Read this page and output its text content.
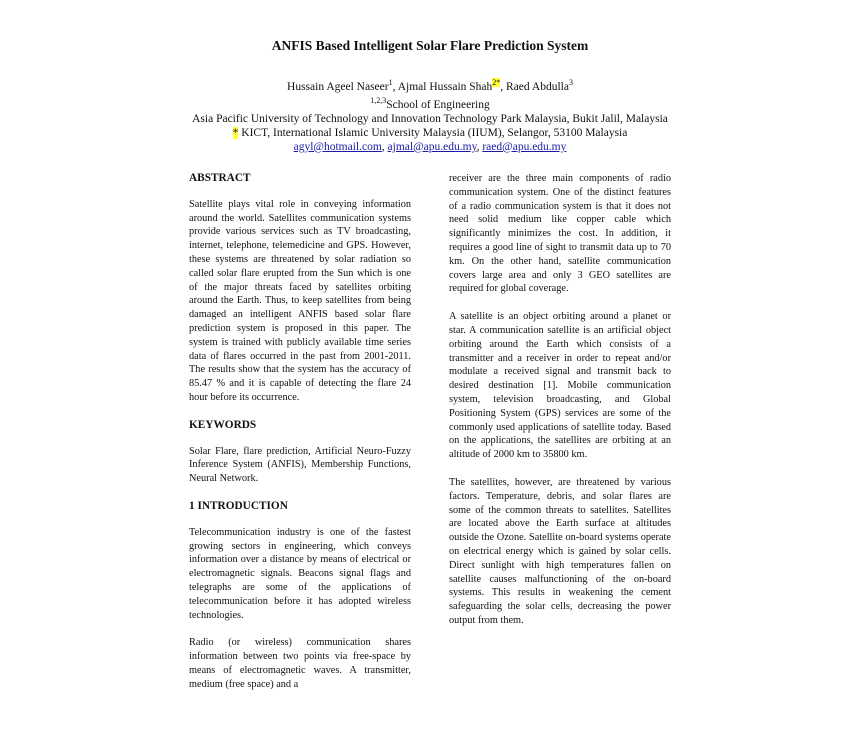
ANFIS Based Intelligent Solar Flare Prediction System
Hussain Ageel Naseer$^1$, Ajmal Hussain Shah$^{2*}$, Raed Abdulla$^3$
$^{1,2,3}$School of Engineering
Asia Pacific University of Technology and Innovation Technology Park Malaysia, Bukit Jalil, Malaysia
* KICT, International Islamic University Malaysia (IIUM), Selangor, 53100 Malaysia
agyl@hotmail.com, ajmal@apu.edu.my, raed@apu.edu.my
ABSTRACT
Satellite plays vital role in conveying information around the world. Satellites communication systems provide various services such as TV broadcasting, internet, telephone, telemedicine and GPS. However, these systems are threatened by solar radiation so called solar flare erupted from the Sun which is one of the major threats faced by satellites orbiting around the Earth. Thus, to keep satellites from being damaged an intelligent ANFIS based solar flare prediction system is proposed in this paper. The system is trained with publicly available time series data of flares occurred in the past from 2001-2011. The results show that the system has the accuracy of 85.47 % and it is capable of detecting the flare 24 hour before its occurrence.
KEYWORDS
Solar Flare, flare prediction, Artificial Neuro-Fuzzy Inference System (ANFIS), Membership Functions, Neural Network.
1 INTRODUCTION
Telecommunication industry is one of the fastest growing sectors in engineering, which conveys information over a distance by means of electrical or electromagnetic signals. Beacons signal flags and telegraphs are some of the applications of telecommunication before it has adopted wireless technologies.
Radio (or wireless) communication shares information between two points via free-space by means of electromagnetic waves. A transmitter, medium (free space) and a
receiver are the three main components of radio communication system. One of the distinct features of a radio communication system is that it does not need solid medium like copper cable which significantly minimizes the cost. In addition, it requires a good line of sight to transmit data up to 70 km. On the other hand, satellite communication covers large area and only 3 GEO satellites are required for global coverage.
A satellite is an object orbiting around a planet or star. A communication satellite is an artificial object orbiting around the Earth which consists of a transmitter and a receiver in order to repeat and/or modulate a received signal and transmit back to desired destination [1]. Mobile communication system, television broadcasting, and Global Positioning System (GPS) services are some of the commonly used applications of satellite today. Based on the applications, the satellites are orbiting at an altitude of 2000 km to 35800 km.
The satellites, however, are threatened by various factors. Temperature, debris, and solar flares are some of the common threats to satellites. Satellites are located above the Earth surface at altitudes outside the Ozone. Satellite on-board systems operate on electrical energy which is gained by solar cells. Direct sunlight with high temperatures fallen on satellite causes malfunctioning of the on-board systems. This results in weakening the cement safeguarding the solar cells, decreasing the power output from them.
